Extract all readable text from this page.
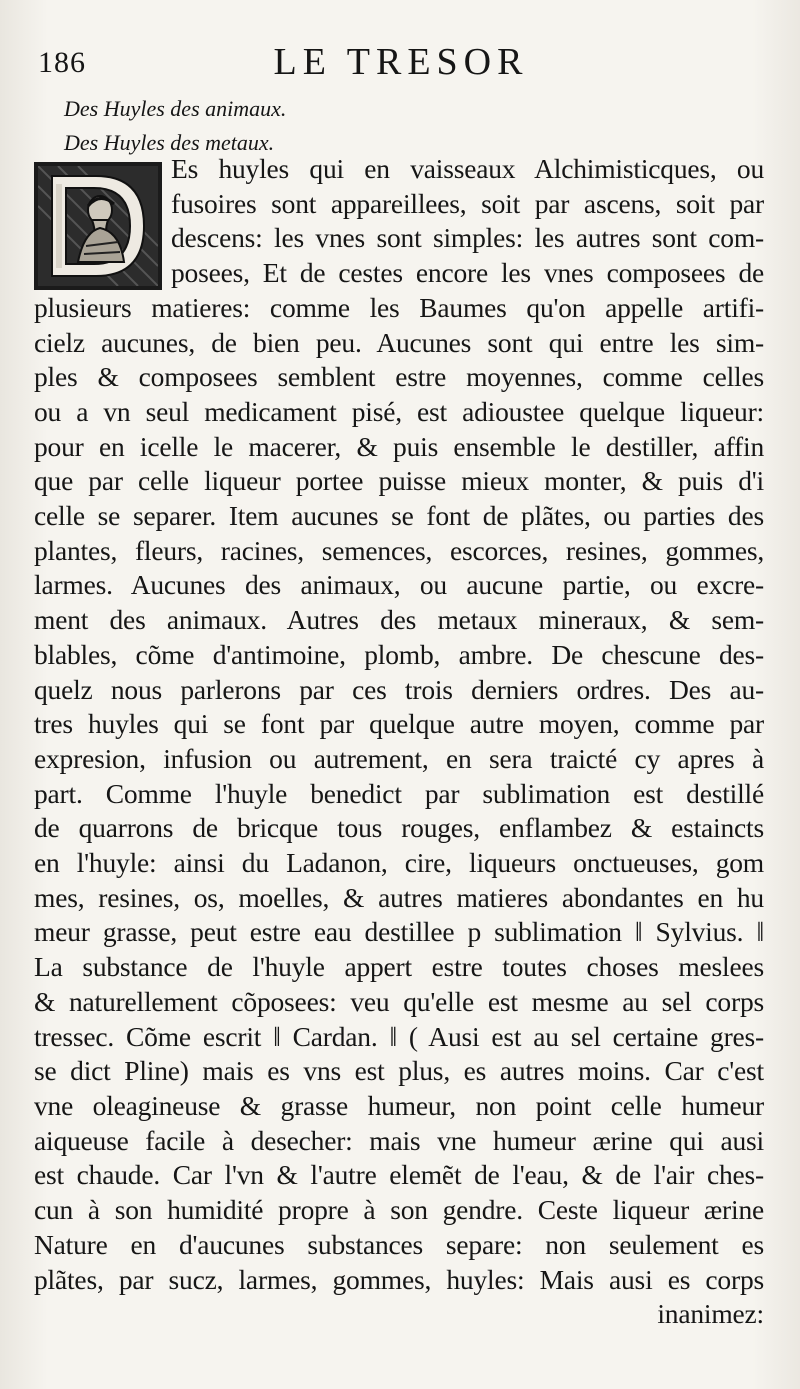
186	LE TRESOR
Des Huyles des animaux.
Des Huyles des metaux.
Es huyles qui en vaisseaux Alchimisticques, ou
fusoires sont appareillees, soit par ascens, soit par
descens: les vnes sont simples: les autres sont com-
posees, Et de cestes encore les vnes composees de
plusieurs matieres: comme les Baumes qu'on appelle artifi-
cielz aucunes, de bien peu. Aucunes sont qui entre les sim-
ples & composees semblent estre moyennes, comme celles
ou a vn seul medicament pisé, est adioustee quelque liqueur:
pour en icelle le macerer, & puis ensemble le destiller, affin
que par celle liqueur portee puisse mieux monter, & puis d'i
celle se separer. Item aucunes se font de plãtes, ou parties des
plantes, fleurs, racines, semences, escorces, resines, gommes,
larmes. Aucunes des animaux, ou aucune partie, ou excre-
ment des animaux. Autres des metaux mineraux, & sem-
blables, cõme d'antimoine, plomb, ambre. De chescune des-
quelz nous parlerons par ces trois derniers ordres. Des au-
tres huyles qui se font par quelque autre moyen, comme par
expresion, infusion ou autrement, en sera traicté cy apres à
part. Comme l'huyle benedict par sublimation est destillé
de quarrons de bricque tous rouges, enflambez & estaincts
en l'huyle: ainsi du Ladanon, cire, liqueurs onctueuses, gom
mes, resines, os, moelles, & autres matieres abondantes en hu
meur grasse, peut estre eau destillee p sublimation ‖ Sylvius. ‖
La substance de l'huyle appert estre toutes choses meslees
& naturellement cõposees: veu qu'elle est mesme au sel corps
tressec. Cõme escrit ‖ Cardan. ‖ ( Ausi est au sel certaine gres-
se dict Pline) mais es vns est plus, es autres moins. Car c'est
vne oleagineuse & grasse humeur, non point celle humeur
aiqueuse facile à desecher: mais vne humeur ærine qui ausi
est chaude. Car l'vn & l'autre elemẽt de l'eau, & de l'air ches-
cun à son humidité propre à son gendre. Ceste liqueur ærine
Nature en d'aucunes substances separe: non seulement es
plãtes, par sucz, larmes, gommes, huyles: Mais ausi es corps
inanimez:
